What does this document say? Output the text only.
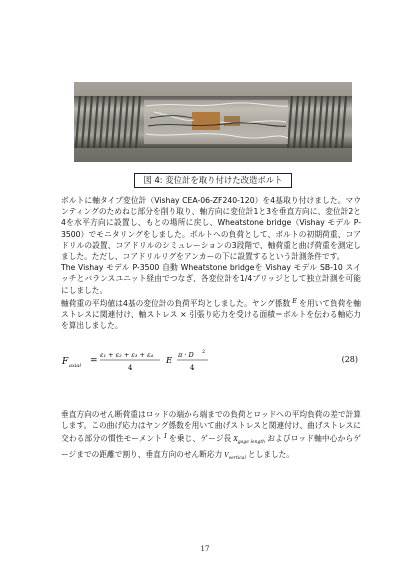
図 4: 変位計を取り付けた改造ボルト

ボルトに軸タイプ変位計（Vishay CEA-06-ZF240-120）を4基取り付けました。マウンティングのためねじ部分を削り取り、軸方向に変位計1と3を垂直方向に、変位計2と4を水平方向に設置し、もとの場所に戻し、Wheatstone bridge（Vishay モデル P-3500）でモニタリングをしました。ボルトへの負荷として、ボルトの初期荷重、コアドリルの設置、コアドリルのシミュレーションの3段階で、軸荷重と曲げ荷重を測定しました。ただし、コアドリルリグをアンカーの下に設置するという計測条件です。

The Vishay モデル P-3500 自動 Wheatstone bridgeを Vishay モデル SB-10 スイッチとバランスユニット経由でつなぎ、各変位計を1/4ブリッジとして独立計測を可能にしました。

軸荷重の平均値は4基の変位計の負荷平均としました。ヤング係数 $^E$ を用いて負荷を軸ストレスに関連付け、軸ストレス × 引張り応力を受ける面積＝ボルトを伝わる軸応力を算出しました。

F axial =
ε₁ + ε₂ + ε₃ + ε₄
4
E
π · D 2
4
(28)

垂直方向のせん断荷重はロッドの端から端までの負荷とロッドへの平均負荷の差で計算します。この曲げ応力はヤング係数を用いて曲げストレスと関連付け、曲げストレスに交わる部分の慣性モーメント $^I$ を乗じ、ゲージ長 $X_{gage length}$ およびロッド軸中心からゲージまでの距離で割り、垂直方向のせん断応力 $V_{vertical}$ としました。

17
